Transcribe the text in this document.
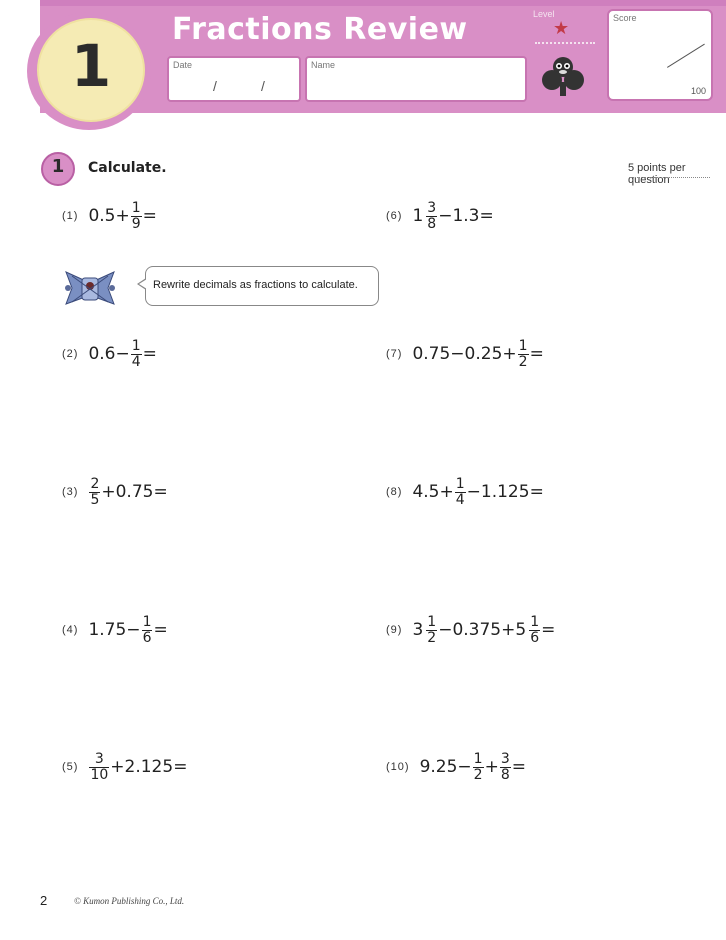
1
Fractions Review
Date
/	/
Name
Level
★	Score
100
1	Calculate.	5 points per question
Rewrite decimals as fractions to calculate.
(1) $0.5+ \frac{1}{9}$ =
(2) $0.6- \frac{1}{4}$ =
$(3) \frac{2}{5} +0.75=$
(4) $1.75- \frac{1}{6}$ =
$(5) \frac{3}{10} +2.125=$
(6) $1 \frac{3}{8} -1.3=$
(7) $0.75-0.25+ \frac{1}{2}$ =
(8) $4.5+ \frac{1}{4} -1.125=$
(9) $3 \frac{1}{2} -0.375+ 5 \frac{1}{6}$ =
(10) $9.25- \frac{1}{2} + \frac{3}{8}$ =
2	© Kumon Publishing Co., Ltd.
